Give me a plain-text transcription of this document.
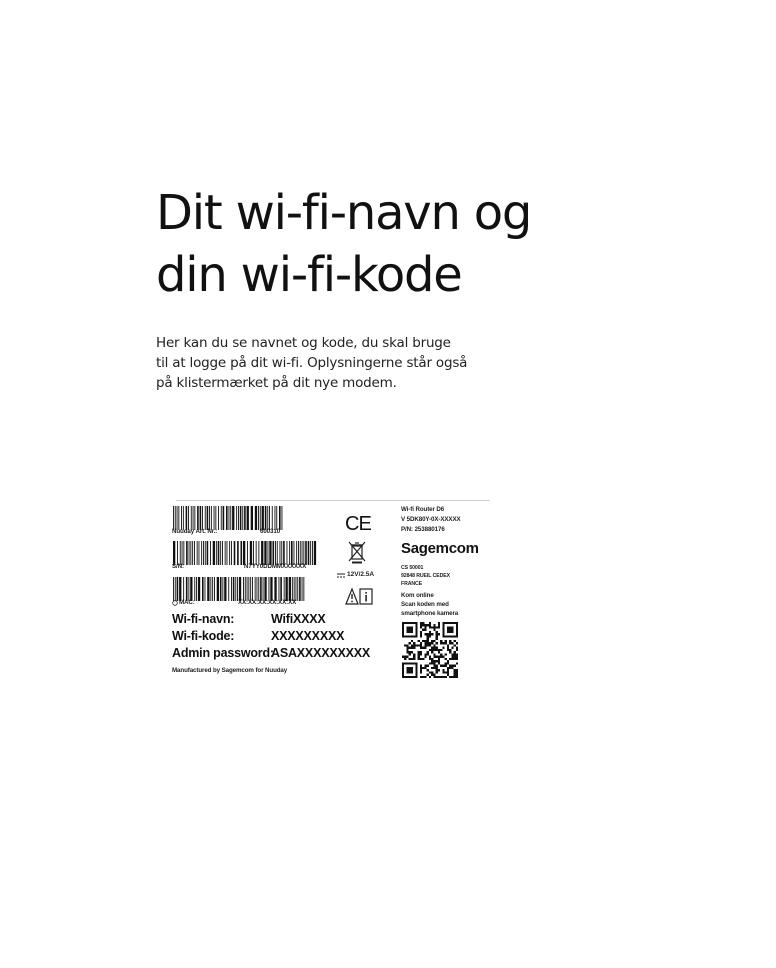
Dit wi-fi-navn og
din wi-fi-kode

Her kan du se navnet og kode, du skal bruge
til at logge på dit wi-fi. Oplysningerne står også
på klistermærket på dit nye modem.

Nuuday Art. Nr.:	600310
S/N:	N7YY0DDMMXXXXXX
MAC:	XX:XX:XX:XX:XX:XX
Wi-fi-navn:	WifiXXXX
Wi-fi-kode:	XXXXXXXXX
Admin password:
ASAXXXXXXXXX
Manufactured by Sagemcom for Nuuday
CE
12V/2.5A
Wi-fi Router D6
V 5DK80Y-0X-XXXXX
P/N: 253880176
Sagemcom
CS 50001
92848 RUEIL CEDEX
FRANCE
Kom online
Scan koden med
smartphone kamera
